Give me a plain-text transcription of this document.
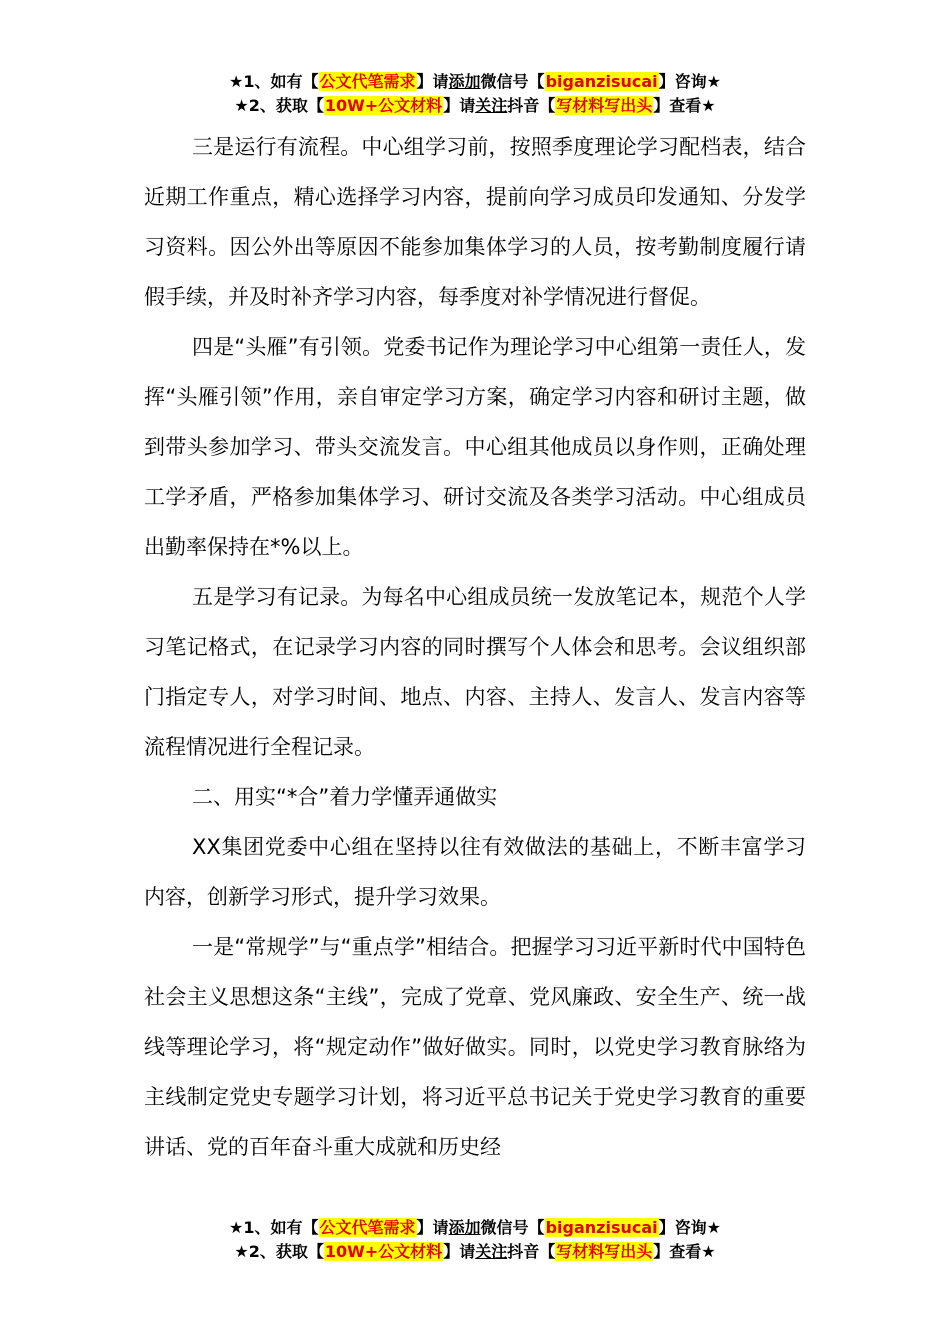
★1、如有【公文代笔需求】请添加微信号【biganzisucai】咨询★
★2、获取【10W+公文材料】请关注抖音【写材料写出头】查看★

三是运行有流程。中心组学习前，按照季度理论学习配档表，结合近期工作重点，精心选择学习内容，提前向学习成员印发通知、分发学习资料。因公外出等原因不能参加集体学习的人员，按考勤制度履行请假手续，并及时补齐学习内容，每季度对补学情况进行督促。

四是“头雁”有引领。党委书记作为理论学习中心组第一责任人，发挥“头雁引领”作用，亲自审定学习方案，确定学习内容和研讨主题，做到带头参加学习、带头交流发言。中心组其他成员以身作则，正确处理工学矛盾，严格参加集体学习、研讨交流及各类学习活动。中心组成员出勤率保持在*%以上。

五是学习有记录。为每名中心组成员统一发放笔记本，规范个人学习笔记格式，在记录学习内容的同时撰写个人体会和思考。会议组织部门指定专人，对学习时间、地点、内容、主持人、发言人、发言内容等流程情况进行全程记录。

二、用实“*合”着力学懂弄通做实

XX集团党委中心组在坚持以往有效做法的基础上，不断丰富学习内容，创新学习形式，提升学习效果。

一是“常规学”与“重点学”相结合。把握学习习近平新时代中国特色社会主义思想这条“主线”，完成了党章、党风廉政、安全生产、统一战线等理论学习，将“规定动作”做好做实。同时，以党史学习教育脉络为主线制定党史专题学习计划，将习近平总书记关于党史学习教育的重要讲话、党的百年奋斗重大成就和历史经

★1、如有【公文代笔需求】请添加微信号【biganzisucai】咨询★
★2、获取【10W+公文材料】请关注抖音【写材料写出头】查看★
